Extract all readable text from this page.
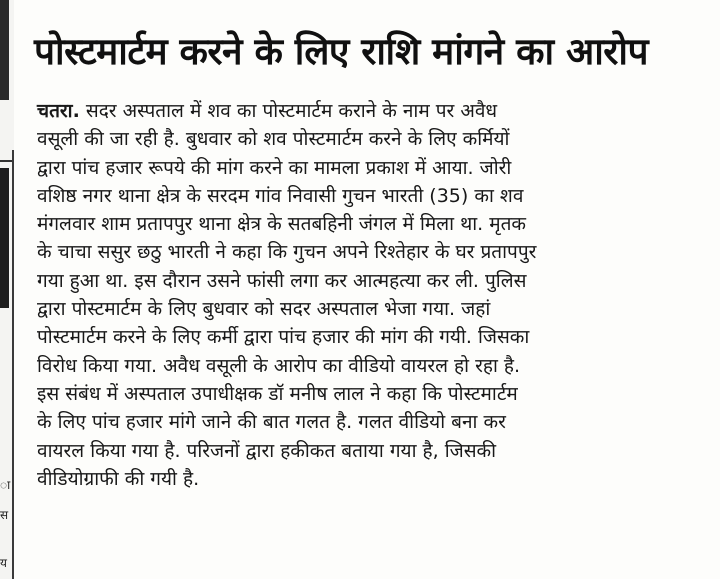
ा
स
य
पोस्टमार्टम करने के लिए राशि मांगने का आरोप
चतरा. सदर अस्पताल में शव का पोस्टमार्टम कराने के नाम पर अवैध
वसूली की जा रही है. बुधवार को शव पोस्टमार्टम करने के लिए कर्मियों
द्वारा पांच हजार रूपये की मांग करने का मामला प्रकाश में आया. जोरी
वशिष्ठ नगर थाना क्षेत्र के सरदम गांव निवासी गुचन भारती (35) का शव
मंगलवार शाम प्रतापपुर थाना क्षेत्र के सतबहिनी जंगल में मिला था. मृतक
के चाचा ससुर छठु भारती ने कहा कि गुचन अपने रिश्तेहार के घर प्रतापपुर
गया हुआ था. इस दौरान उसने फांसी लगा कर आत्महत्या कर ली. पुलिस
द्वारा पोस्टमार्टम के लिए बुधवार को सदर अस्पताल भेजा गया. जहां
पोस्टमार्टम करने के लिए कर्मी द्वारा पांच हजार की मांग की गयी. जिसका
विरोध किया गया. अवैध वसूली के आरोप का वीडियो वायरल हो रहा है.
इस संबंध में अस्पताल उपाधीक्षक डॉ मनीष लाल ने कहा कि पोस्टमार्टम
के लिए पांच हजार मांगे जाने की बात गलत है. गलत वीडियो बना कर
वायरल किया गया है. परिजनों द्वारा हकीकत बताया गया है, जिसकी
वीडियोग्राफी की गयी है.
